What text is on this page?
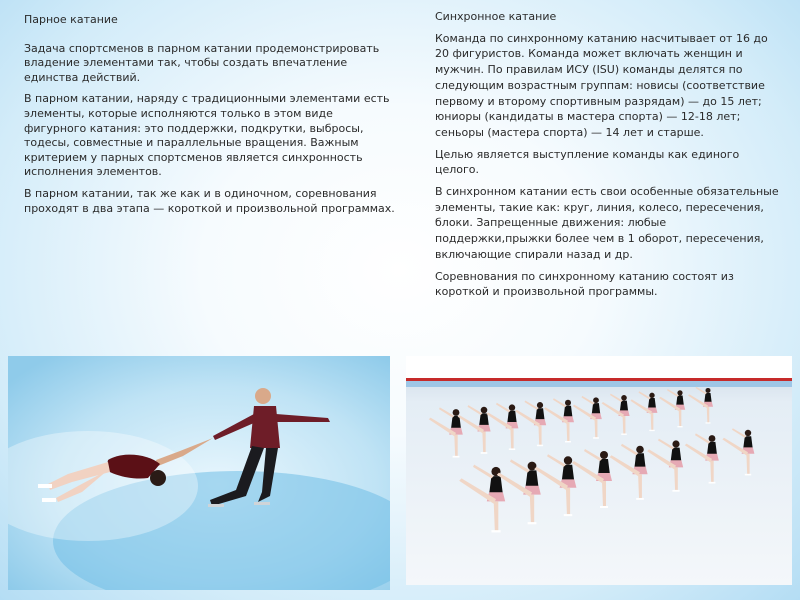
Парное катание

Задача спортсменов в парном катании продемонстрировать владение элементами так, чтобы создать впечатление единства действий.

В парном катании, наряду с традиционными элементами есть элементы, которые исполняются только в этом виде фигурного катания: это поддержки, подкрутки, выбросы, тодесы, совместные и параллельные вращения. Важным критерием у парных спортсменов является синхронность исполнения элементов.

В парном катании, так же как и в одиночном, соревнования проходят в два этапа — короткой и произвольной программах.

Синхронное катание

Команда по синхронному катанию насчитывает от 16 до 20 фигуристов. Команда может включать женщин и мужчин. По правилам ИСУ (ISU) команды делятся по следующим возрастным группам: новисы (соответствие первому и второму спортивным разрядам) — до 15 лет; юниоры (кандидаты в мастера спорта) — 12-18 лет; сеньоры (мастера спорта) — 14 лет и старше.

Целью является выступление команды как единого целого.

В синхронном катании есть свои особенные обязательные элементы, такие как: круг, линия, колесо, пересечения, блоки. Запрещенные движения: любые поддержки,прыжки более чем в 1 оборот, пересечения, включающие спирали назад и др.

Соревнования по синхронному катанию состоят из короткой и произвольной программы.
